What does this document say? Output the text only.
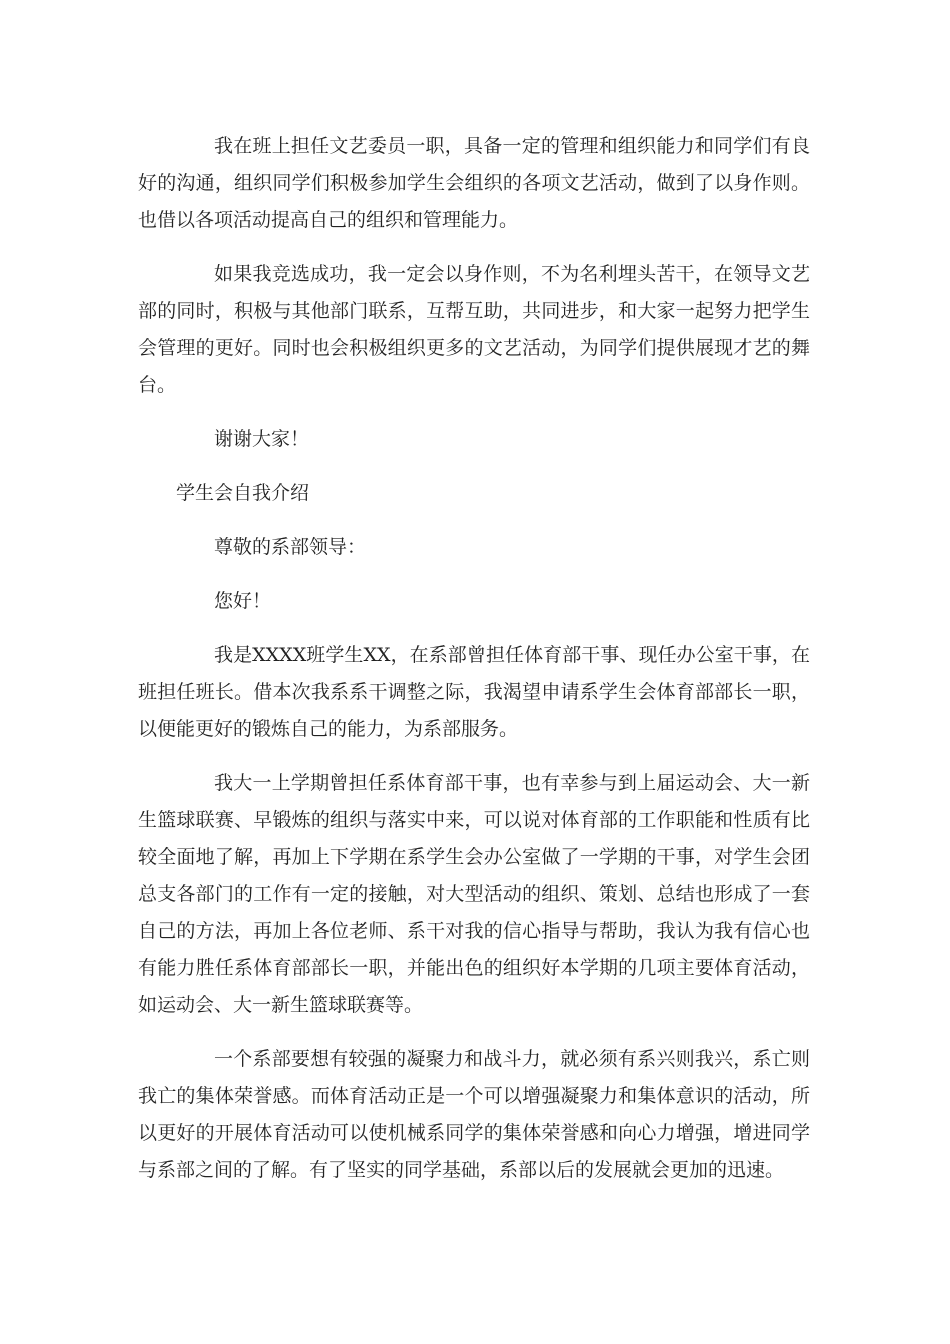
我在班上担任文艺委员一职，具备一定的管理和组织能力和同学们有良好的沟通，组织同学们积极参加学生会组织的各项文艺活动，做到了以身作则。也借以各项活动提高自己的组织和管理能力。

如果我竞选成功，我一定会以身作则，不为名利埋头苦干，在领导文艺部的同时，积极与其他部门联系，互帮互助，共同进步，和大家一起努力把学生会管理的更好。同时也会积极组织更多的文艺活动，为同学们提供展现才艺的舞台。

谢谢大家！

学生会自我介绍

尊敬的系部领导：

您好！

我是XXXX班学生XX，在系部曾担任体育部干事、现任办公室干事，在班担任班长。借本次我系系干调整之际，我渴望申请系学生会体育部部长一职，以便能更好的锻炼自己的能力，为系部服务。

我大一上学期曾担任系体育部干事，也有幸参与到上届运动会、大一新生篮球联赛、早锻炼的组织与落实中来，可以说对体育部的工作职能和性质有比较全面地了解，再加上下学期在系学生会办公室做了一学期的干事，对学生会团总支各部门的工作有一定的接触，对大型活动的组织、策划、总结也形成了一套自己的方法，再加上各位老师、系干对我的信心指导与帮助，我认为我有信心也有能力胜任系体育部部长一职，并能出色的组织好本学期的几项主要体育活动，如运动会、大一新生篮球联赛等。

一个系部要想有较强的凝聚力和战斗力，就必须有系兴则我兴，系亡则我亡的集体荣誉感。而体育活动正是一个可以增强凝聚力和集体意识的活动，所以更好的开展体育活动可以使机械系同学的集体荣誉感和向心力增强，增进同学与系部之间的了解。有了坚实的同学基础，系部以后的发展就会更加的迅速。
